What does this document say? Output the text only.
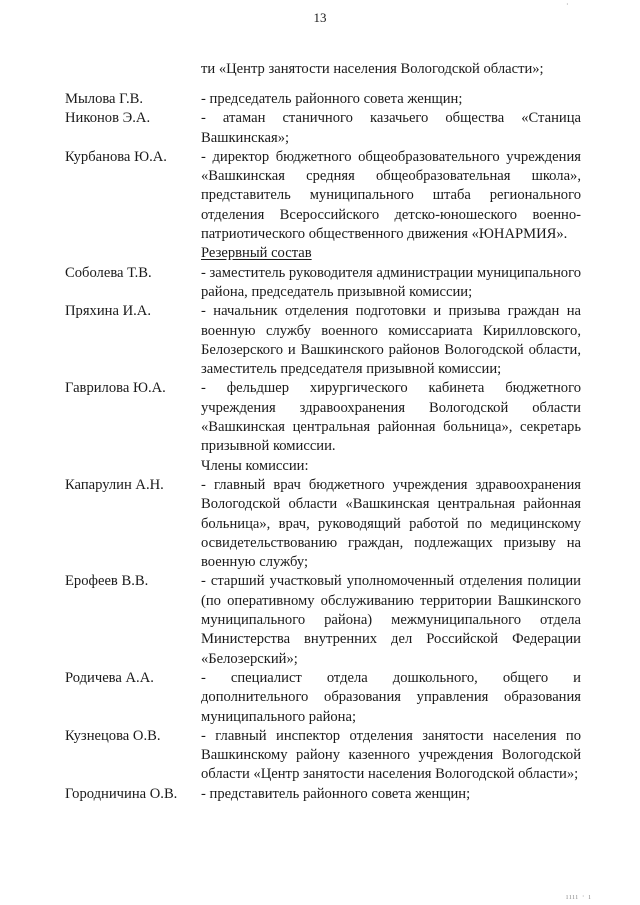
·
13
ти «Центр занятости населения Вологодской области»;
Мылова Г.В.	- председатель районного совета женщин;
Никонов Э.А.	- атаман станичного казачьего общества «Станица Вашкинская»;
Курбанова Ю.А.	- директор бюджетного общеобразовательного учреждения «Вашкинская средняя общеобразовательная школа», представитель муниципального штаба регионального отделения Всероссийского детско-юношеского военно-патриотического общественного движения «ЮНАРМИЯ».
Резервный состав
Соболева Т.В.	- заместитель руководителя администрации муниципального района, председатель призывной комиссии;
Пряхина И.А.	- начальник отделения подготовки и призыва граждан на военную службу военного комиссариата Кирилловского, Белозерского и Вашкинского районов Вологодской области, заместитель председателя призывной комиссии;
Гаврилова Ю.А.	- фельдшер хирургического кабинета бюджетного учреждения здравоохранения Вологодской области «Вашкинская центральная районная больница», секретарь призывной комиссии.
Члены комиссии:
Капарулин А.Н.	- главный врач бюджетного учреждения здравоохранения Вологодской области «Вашкинская центральная районная больница», врач, руководящий работой по медицинскому освидетельствованию граждан, подлежащих призыву на военную службу;
Ерофеев В.В.	- старший участковый уполномоченный отделения полиции (по оперативному обслуживанию территории Вашкинского муниципального района) межмуниципального отдела Министерства внутренних дел Российской Федерации «Белозерский»;
Родичева А.А.	- специалист отдела дошкольного, общего и дополнительного образования управления образования муниципального района;
Кузнецова О.В.	- главный инспектор отделения занятости населения по Вашкинскому району казенного учреждения Вологодской области «Центр занятости населения Вологодской области»;
Городничина О.В.	- представитель районного совета женщин;
ıııı · ı
